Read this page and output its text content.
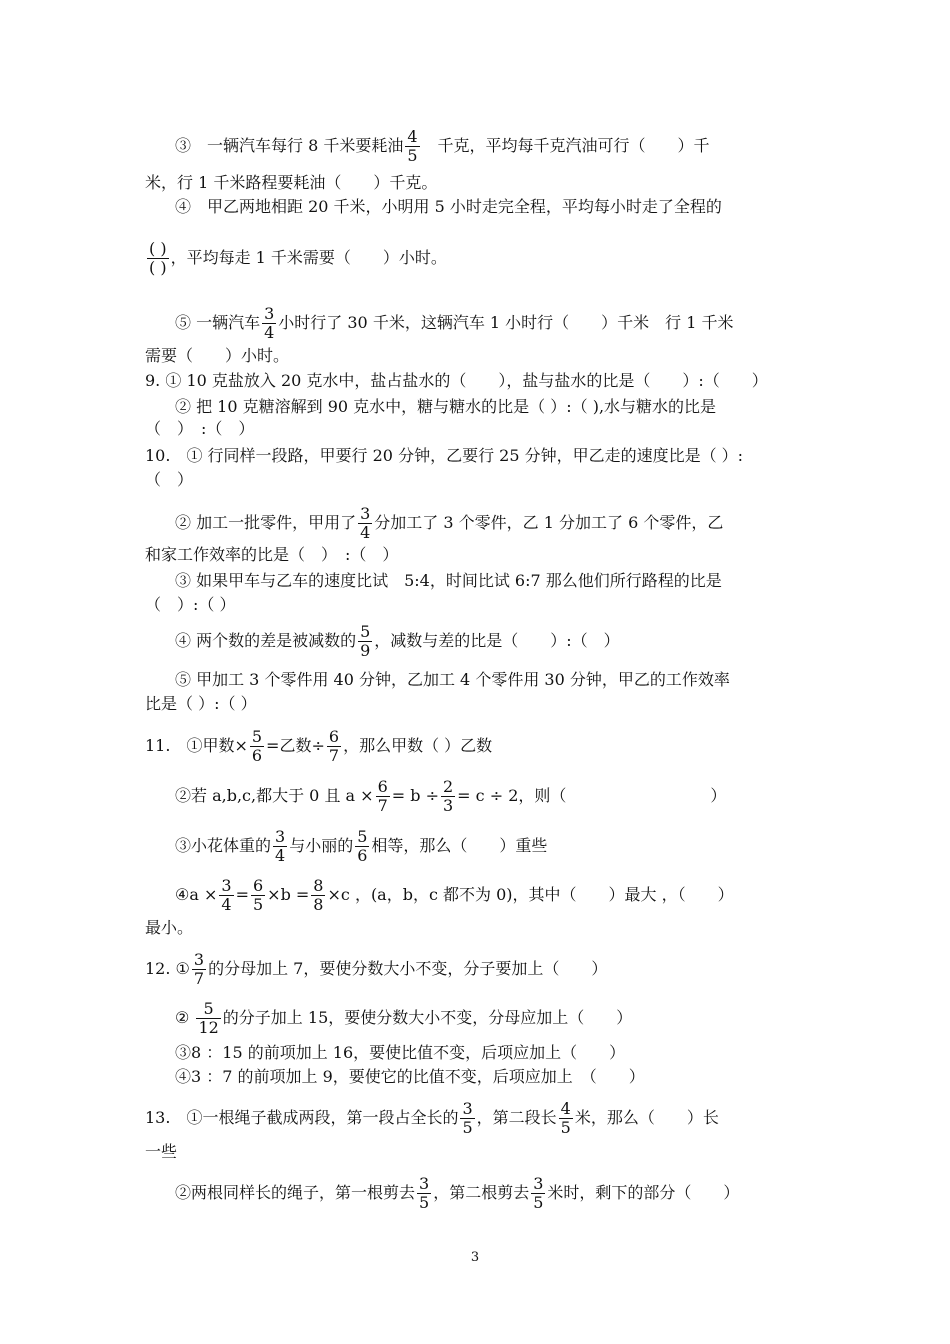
③　一辆汽车每行 8 千米要耗油 $\frac{4}{5}$ 　千克，平均每千克汽油可行（　　）千
米，行 1 千米路程要耗油（　　）千克。
④　甲乙两地相距 20 千米，小明用 5 小时走完全程，平均每小时走了全程的
( )
( )
，平均每走 1 千米需要（　　）小时。
⑤ 一辆汽车 $\frac{3}{4}$ 小时行了 30 千米，这辆汽车 1 小时行（　　）千米　行 1 千米
需要（　　）小时。
9. ① 10 克盐放入 20 克水中，盐占盐水的（　　），盐与盐水的比是（　　）:（　　）
② 把 10 克糖溶解到 90 克水中，糖与糖水的比是（ ）:（ ),水与糖水的比是
（　）　:（　）
10.　① 行同样一段路，甲要行 20 分钟，乙要行 25 分钟，甲乙走的速度比是（ ）:
（　）
② 加工一批零件，甲用了 $\frac{3}{4}$ 分加工了 3 个零件，乙 1 分加工了 6 个零件，乙
和家工作效率的比是（　）　:（　）
③ 如果甲车与乙车的速度比试　5:4，时间比试 6:7 那么他们所行路程的比是
（　）:（ ）
④ 两个数的差是被减数的 $\frac{5}{9}$ ，减数与差的比是（　　）:（　）
⑤ 甲加工 3 个零件用 40 分钟，乙加工 4 个零件用 30 分钟，甲乙的工作效率
比是（ ）:（ ）
11.　①甲数× $\frac{5}{6}$ =乙数÷ $\frac{6}{7}$ ，那么甲数（ ）乙数
②若 a,b,c,都大于 0 且 $a \times \frac{6}{7} = b \div \frac{2}{3} = c \div 2$，则（　　　　　　　　　）
③小花体重的 $\frac{3}{4}$ 与小丽的 $\frac{5}{6}$ 相等，那么（　　）重些
④a × $\frac{3}{4} = \frac{6}{5} \times b = \frac{8}{8} \times c$ ，(a，b，c 都不为 0)，其中（　　）最大 ，（　　）
最小。
12. ① $\frac{3}{7}$ 的分母加上 7，要使分数大小不变，分子要加上（　　）
② $\frac{5}{12}$ 的分子加上 15，要使分数大小不变，分母应加上（　　）
③8 ：15 的前项加上 16，要使比值不变，后项应加上（　　）
④3 ：7 的前项加上 9，要使它的比值不变，后项应加上　（　　）
13.　①一根绳子截成两段，第一段占全长的 $\frac{3}{5}$ ，第二段长 $\frac{4}{5}$ 米，那么（　　）长
一些
②两根同样长的绳子，第一根剪去 $\frac{3}{5}$ ，第二根剪去 $\frac{3}{5}$ 米时，剩下的部分（　　）
3
